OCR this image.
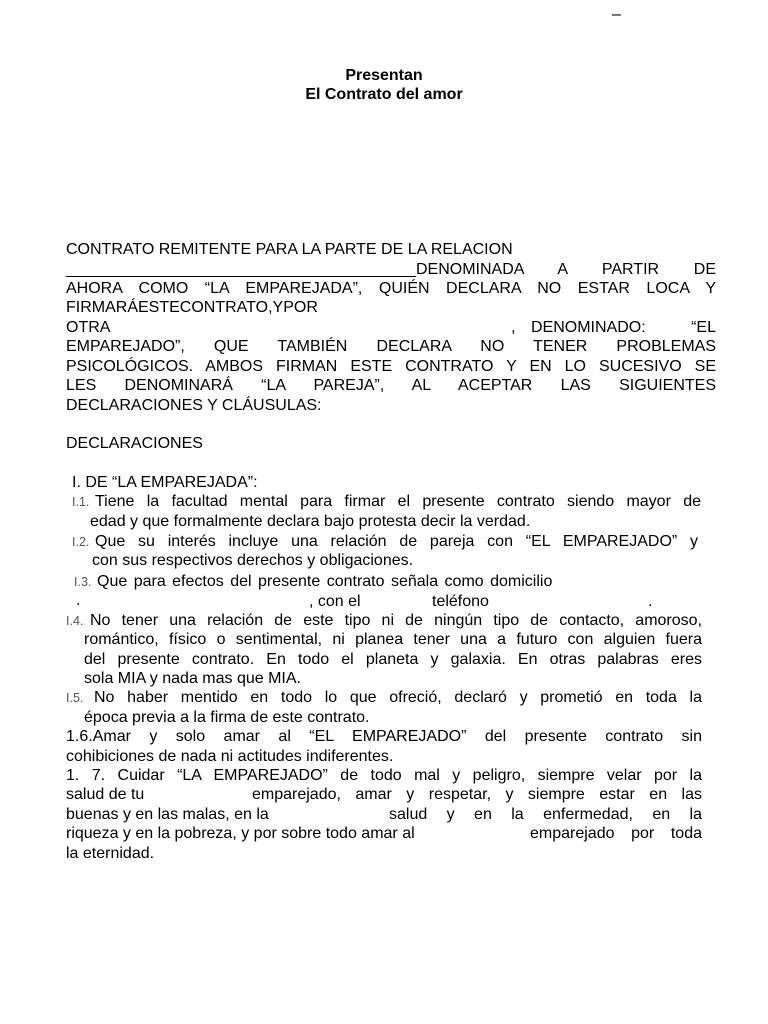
–
Presentan
El Contrato del amor
CONTRATO REMITENTE PARA LA PARTE DE LA RELACION
DENOMINADA A PARTIR DE
AHORA COMO “LA EMPAREJADA”, QUIÉN DECLARA NO ESTAR LOCA Y
FIRMARÁESTECONTRATO,YPOR
OTRA	, DENOMINADO: “EL
EMPAREJADO”, QUE TAMBIÉN DECLARA NO TENER PROBLEMAS
PSICOLÓGICOS. AMBOS FIRMAN ESTE CONTRATO Y EN LO SUCESIVO SE
LES DENOMINARÁ “LA PAREJA”, AL ACEPTAR LAS SIGUIENTES
DECLARACIONES Y CLÁUSULAS:
DECLARACIONES
I. DE “LA EMPAREJADA”:
I.1. Tiene la facultad mental para firmar el presente contrato siendo mayor de
edad y que formalmente declara bajo protesta decir la verdad.
I.2. Que su interés incluye una relación de pareja con “EL EMPAREJADO” y
con sus respectivos derechos y obligaciones.
I.3. Que para efectos del presente contrato señala como domicilio
.	, con el	teléfono	.
I.4. No tener una relación de este tipo ni de ningún tipo de contacto, amoroso,
romántico, físico o sentimental, ni planea tener una a futuro con alguien fuera
del presente contrato. En todo el planeta y galaxia. En otras palabras eres
sola MIA y nada mas que MIA.
I.5. No haber mentido en todo lo que ofreció, declaró y prometió en toda la
época previa a la firma de este contrato.
1.6.Amar y solo amar al “EL EMPAREJADO” del presente contrato sin
cohibiciones de nada ni actitudes indiferentes.
1. 7. Cuidar “LA EMPAREJADO” de todo mal y peligro, siempre velar por la
salud de tu	emparejado, amar y respetar, y siempre estar en las
buenas y en las malas, en la	salud y en la enfermedad, en la
riqueza y en la pobreza, y por sobre todo amar al	emparejado por toda
la eternidad.
